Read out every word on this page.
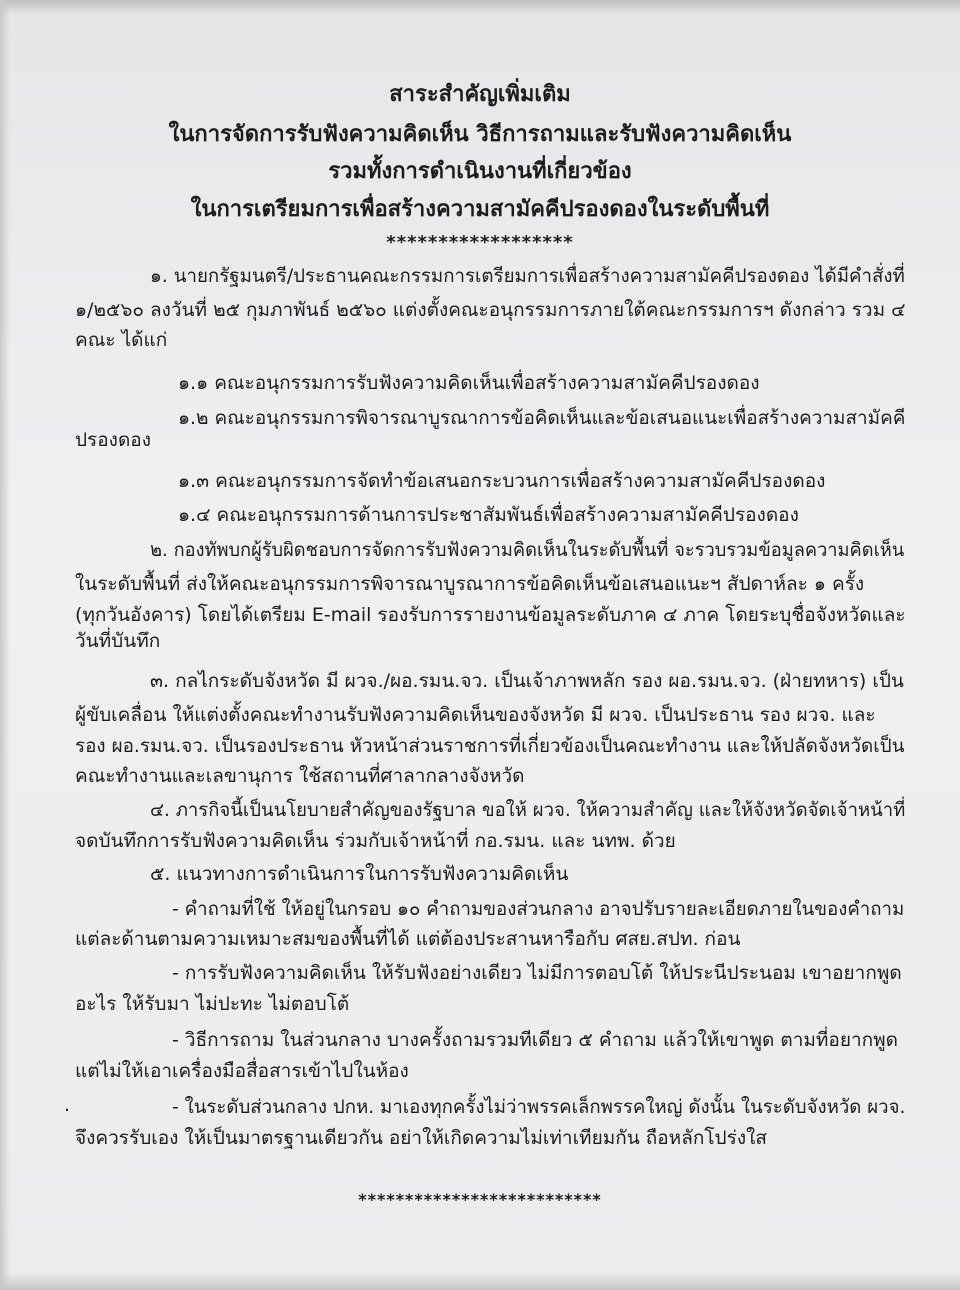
สาระสำคัญเพิ่มเติม
ในการจัดการรับฟังความคิดเห็น วิธีการถามและรับฟังความคิดเห็น
รวมทั้งการดำเนินงานที่เกี่ยวข้อง
ในการเตรียมการเพื่อสร้างความสามัคคีปรองดองในระดับพื้นที่
******************
๑. นายกรัฐมนตรี/ประธานคณะกรรมการเตรียมการเพื่อสร้างความสามัคคีปรองดอง ได้มีคำสั่งที่
๑/๒๕๖๐ ลงวันที่ ๒๕ กุมภาพันธ์ ๒๕๖๐ แต่งตั้งคณะอนุกรรมการภายใต้คณะกรรมการฯ ดังกล่าว รวม ๔
คณะ ได้แก่
๑.๑ คณะอนุกรรมการรับฟังความคิดเห็นเพื่อสร้างความสามัคคีปรองดอง
๑.๒ คณะอนุกรรมการพิจารณาบูรณาการข้อคิดเห็นและข้อเสนอแนะเพื่อสร้างความสามัคคี
ปรองดอง
๑.๓ คณะอนุกรรมการจัดทำข้อเสนอกระบวนการเพื่อสร้างความสามัคคีปรองดอง
๑.๔ คณะอนุกรรมการด้านการประชาสัมพันธ์เพื่อสร้างความสามัคคีปรองดอง
๒. กองทัพบกผู้รับผิดชอบการจัดการรับฟังความคิดเห็นในระดับพื้นที่ จะรวบรวมข้อมูลความคิดเห็น
ในระดับพื้นที่ ส่งให้คณะอนุกรรมการพิจารณาบูรณาการข้อคิดเห็นข้อเสนอแนะฯ สัปดาห์ละ ๑ ครั้ง
(ทุกวันอังคาร) โดยได้เตรียม E-mail รองรับการรายงานข้อมูลระดับภาค ๔ ภาค โดยระบุชื่อจังหวัดและ
วันที่บันทึก
๓. กลไกระดับจังหวัด มี ผวจ./ผอ.รมน.จว. เป็นเจ้าภาพหลัก รอง ผอ.รมน.จว. (ฝ่ายทหาร) เป็น
ผู้ขับเคลื่อน ให้แต่งตั้งคณะทำงานรับฟังความคิดเห็นของจังหวัด มี ผวจ. เป็นประธาน รอง ผวจ. และ
รอง ผอ.รมน.จว. เป็นรองประธาน หัวหน้าส่วนราชการที่เกี่ยวข้องเป็นคณะทำงาน และให้ปลัดจังหวัดเป็น
คณะทำงานและเลขานุการ ใช้สถานที่ศาลากลางจังหวัด
๔. ภารกิจนี้เป็นนโยบายสำคัญของรัฐบาล ขอให้ ผวจ. ให้ความสำคัญ และให้จังหวัดจัดเจ้าหน้าที่
จดบันทึกการรับฟังความคิดเห็น ร่วมกับเจ้าหน้าที่ กอ.รมน. และ นทพ. ด้วย
๕. แนวทางการดำเนินการในการรับฟังความคิดเห็น
- คำถามที่ใช้ ให้อยู่ในกรอบ ๑๐ คำถามของส่วนกลาง อาจปรับรายละเอียดภายในของคำถาม
แต่ละด้านตามความเหมาะสมของพื้นที่ได้ แต่ต้องประสานหารือกับ ศสย.สปท. ก่อน
- การรับฟังความคิดเห็น ให้รับฟังอย่างเดียว ไม่มีการตอบโต้ ให้ประนีประนอม เขาอยากพูด
อะไร ให้รับมา ไม่ปะทะ ไม่ตอบโต้
- วิธีการถาม ในส่วนกลาง บางครั้งถามรวมทีเดียว ๕ คำถาม แล้วให้เขาพูด ตามที่อยากพูด
แต่ไม่ให้เอาเครื่องมือสื่อสารเข้าไปในห้อง
.	- ในระดับส่วนกลาง ปกห. มาเองทุกครั้งไม่ว่าพรรคเล็กพรรคใหญ่ ดังนั้น ในระดับจังหวัด ผวจ.
จึงควรรับเอง ให้เป็นมาตรฐานเดียวกัน อย่าให้เกิดความไม่เท่าเทียมกัน ถือหลักโปร่งใส
**************************
